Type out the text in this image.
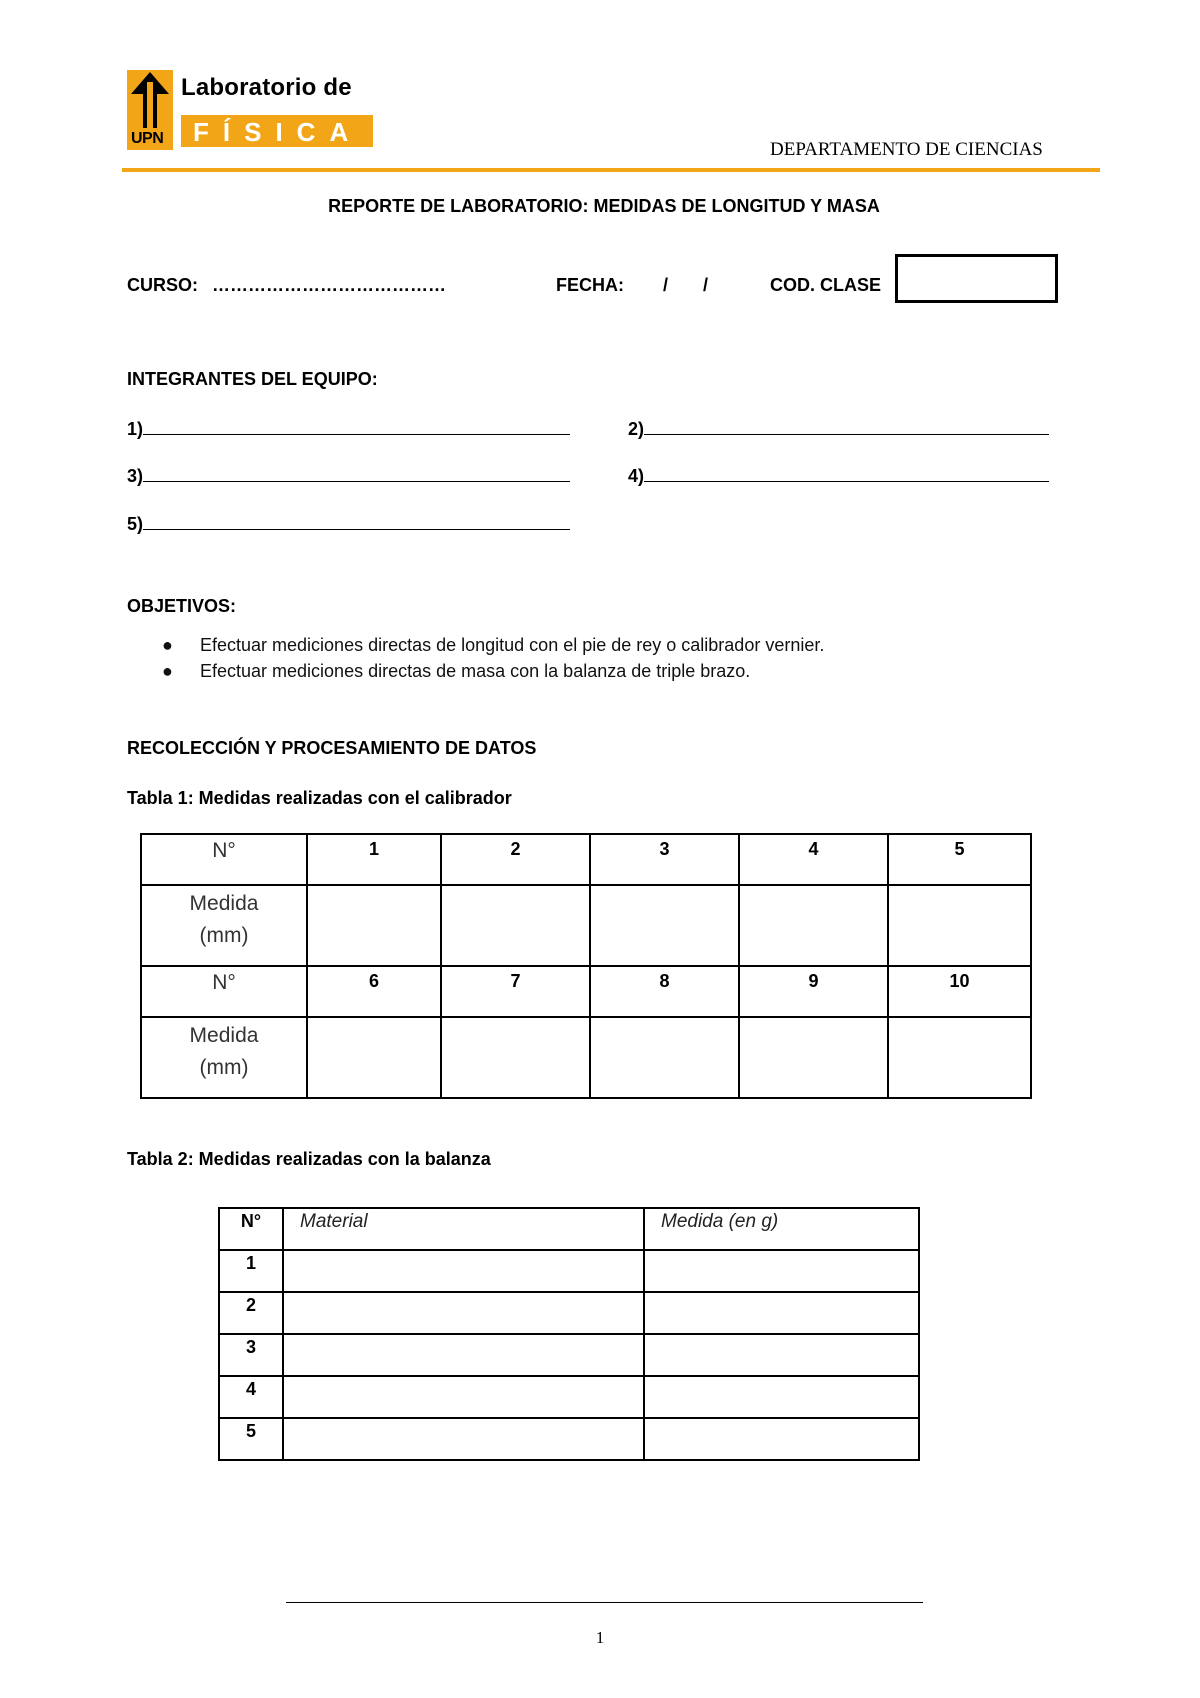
UPN
Laboratorio de
FÍSICA
DEPARTAMENTO DE CIENCIAS
REPORTE DE LABORATORIO: MEDIDAS DE LONGITUD Y MASA
CURSO: …………………………………	FECHA: / /	COD. CLASE
INTEGRANTES DEL EQUIPO:
1)	2)
3)	4)
5)
OBJETIVOS:
● Efectuar mediciones directas de longitud con el pie de rey o calibrador vernier.
● Efectuar mediciones directas de masa con la balanza de triple brazo.
RECOLECCIÓN Y PROCESAMIENTO DE DATOS
Tabla 1: Medidas realizadas con el calibrador
N°	1	2	3	4	5
Medida
(mm)					
N°	6	7	8	9	10
Medida
(mm)					
Tabla 2: Medidas realizadas con la balanza
N°	Material	Medida (en g)
1		
2		
3		
4		
5		
1
